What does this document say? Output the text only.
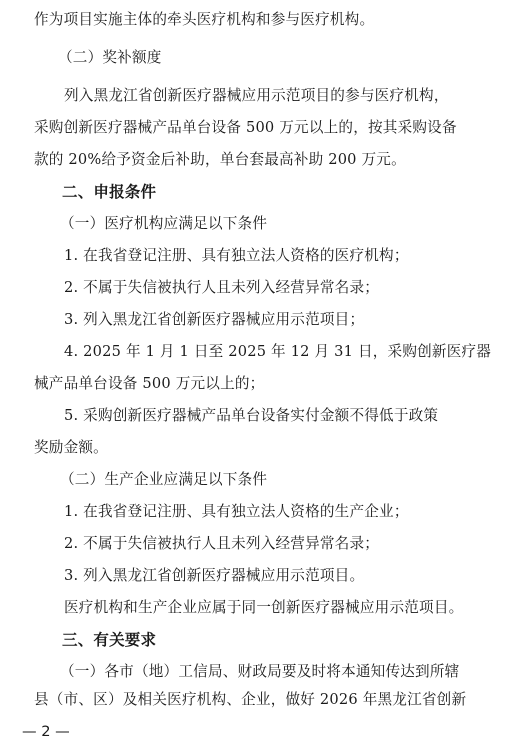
作为项目实施主体的牵头医疗机构和参与医疗机构。
（二）奖补额度
列入黑龙江省创新医疗器械应用示范项目的参与医疗机构，
采购创新医疗器械产品单台设备 500 万元以上的，按其采购设备
款的 20%给予资金后补助，单台套最高补助 200 万元。
二、申报条件
（一）医疗机构应满足以下条件
1. 在我省登记注册、具有独立法人资格的医疗机构；
2. 不属于失信被执行人且未列入经营异常名录；
3. 列入黑龙江省创新医疗器械应用示范项目；
4. 2025 年 1 月 1 日至 2025 年 12 月 31 日，采购创新医疗器
械产品单台设备 500 万元以上的；
5. 采购创新医疗器械产品单台设备实付金额不得低于政策
奖励金额。
（二）生产企业应满足以下条件
1. 在我省登记注册、具有独立法人资格的生产企业；
2. 不属于失信被执行人且未列入经营异常名录；
3. 列入黑龙江省创新医疗器械应用示范项目。
医疗机构和生产企业应属于同一创新医疗器械应用示范项目。
三、有关要求
（一）各市（地）工信局、财政局要及时将本通知传达到所辖
县（市、区）及相关医疗机构、企业，做好 2026 年黑龙江省创新
— 2 —
